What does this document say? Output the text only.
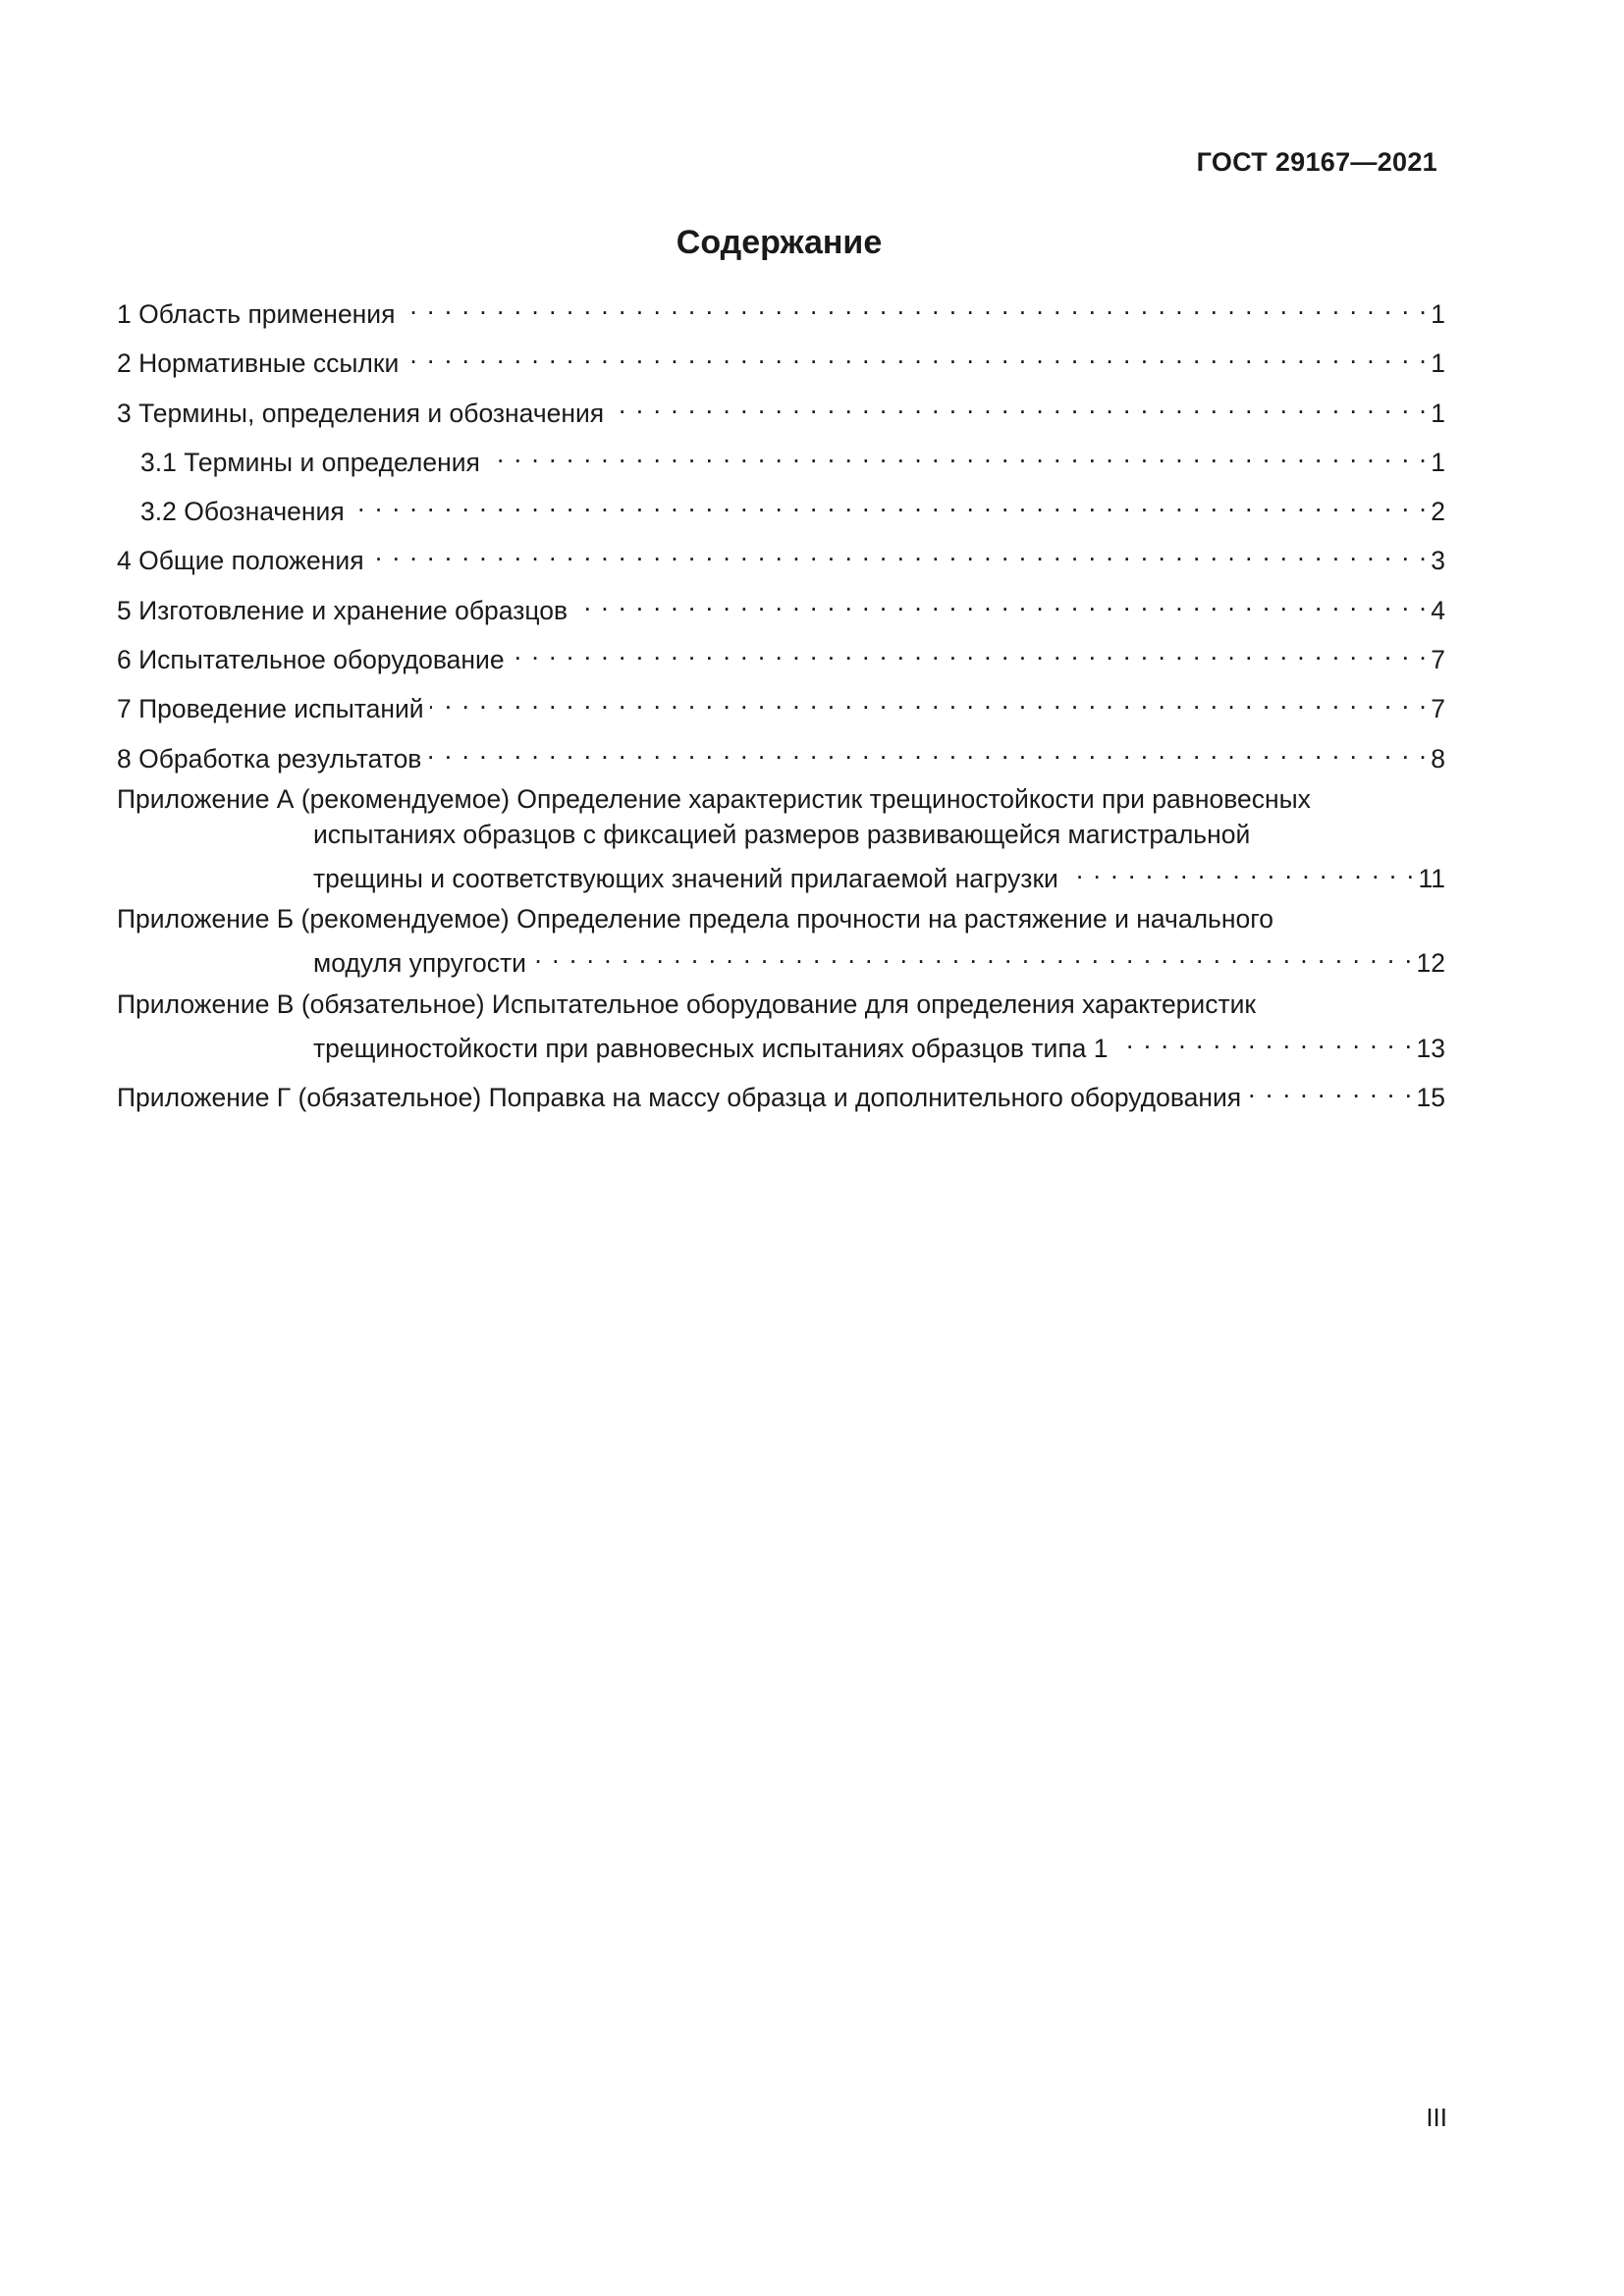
ГОСТ 29167—2021
Содержание
1 Область применения . . .	1
2 Нормативные ссылки . . .	1
3 Термины, определения и обозначения . . .	1
3.1 Термины и определения . . .	1
3.2 Обозначения . . .	2
4 Общие положения . . .	3
5 Изготовление и хранение образцов . . .	4
6 Испытательное оборудование . . .	7
7 Проведение испытаний . . .	7
8 Обработка результатов . . .	8
Приложение А (рекомендуемое) Определение характеристик трещиностойкости при равновесных
испытаниях образцов с фиксацией размеров развивающейся магистральной
трещины и соответствующих значений прилагаемой нагрузки . . .	11
Приложение Б (рекомендуемое) Определение предела прочности на растяжение и начального
модуля упругости . . .	12
Приложение В (обязательное) Испытательное оборудование для определения характеристик
трещиностойкости при равновесных испытаниях образцов типа 1 . . .	13
Приложение Г (обязательное) Поправка на массу образца и дополнительного оборудования . . .	15
III
